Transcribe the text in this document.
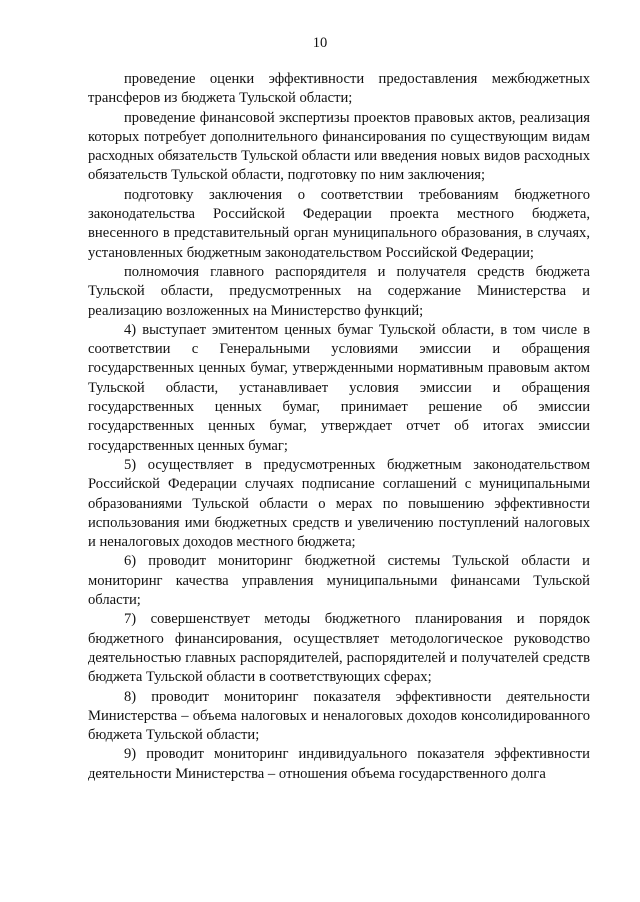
10

проведение оценки эффективности предоставления межбюджетных трансферов из бюджета Тульской области;

проведение финансовой экспертизы проектов правовых актов, реализация которых потребует дополнительного финансирования по существующим видам расходных обязательств Тульской области или введения новых видов расходных обязательств Тульской области, подготовку по ним заключения;

подготовку заключения о соответствии требованиям бюджетного законодательства Российской Федерации проекта местного бюджета, внесенного в представительный орган муниципального образования, в случаях, установленных бюджетным законодательством Российской Федерации;

полномочия главного распорядителя и получателя средств бюджета Тульской области, предусмотренных на содержание Министерства и реализацию возложенных на Министерство функций;

4) выступает эмитентом ценных бумаг Тульской области, в том числе в соответствии с Генеральными условиями эмиссии и обращения государственных ценных бумаг, утвержденными нормативным правовым актом Тульской области, устанавливает условия эмиссии и обращения государственных ценных бумаг, принимает решение об эмиссии государственных ценных бумаг, утверждает отчет об итогах эмиссии государственных ценных бумаг;

5) осуществляет в предусмотренных бюджетным законодательством Российской Федерации случаях подписание соглашений с муниципальными образованиями Тульской области о мерах по повышению эффективности использования ими бюджетных средств и увеличению поступлений налоговых и неналоговых доходов местного бюджета;

6) проводит мониторинг бюджетной системы Тульской области и мониторинг качества управления муниципальными финансами Тульской области;

7) совершенствует методы бюджетного планирования и порядок бюджетного финансирования, осуществляет методологическое руководство деятельностью главных распорядителей, распорядителей и получателей средств бюджета Тульской области в соответствующих сферах;

8) проводит мониторинг показателя эффективности деятельности Министерства – объема налоговых и неналоговых доходов консолидированного бюджета Тульской области;

9) проводит мониторинг индивидуального показателя эффективности деятельности Министерства – отношения объема государственного долга
